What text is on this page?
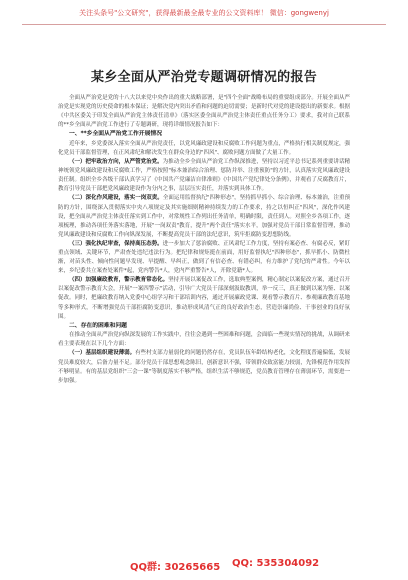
关注头条号"公文研究"，获得最新最全最专业的公文资料库！ 微信：gongwenyj
某乡全面从严治党专题调研情况的报告

全面从严治党是党的十八大以来党中央作出的重大战略部署，是"四个全面"战略布局的重要组成部分。开展全面从严治党是实现党的历史使命的根本保证；是解决党内突出矛盾和问题的迫切需要；是新时代对党的建设提出的新要求。根据《中共区委关于印发全面从严治党主体责任清单》（落实区委全面从严治党主体责任重点任务分工）要求，我对自己联系的**乡全面从严治党工作进行了专题调研，现将详细情况报告如下：

一、**乡全面从严治党工作开展情况

近年来，乡党委深入落实全面从严治党责任，以党风廉政建设和反腐败工作问题为重点，严格执行相关制度规定，强化党员干部监督管理，在正风肃纪和解决发生在群众身边的"四风"、腐败问题方面做了大量工作。

（一）把牢政治方向，从严管党治党。为推动全乡全面从严治党工作纵深推进，坚持以习近平总书记系列重要讲话精神统领党风廉政建设和反腐败工作，严格按照"标本兼治综合治理、惩防并举、注重预防"的方针，认真落实党风廉政建设责任制。组织全乡各级干部认真学习了《中国共产党廉洁自律准则》《中国共产党纪律处分条例》，并观看了反腐教育片，教育引导党员干部把党风廉政建设作为分内之事，层层压实责任，并落实到具体工作。

（二）深化作风建设，落实一岗双责。全面运用监督执纪"四种形态"，坚持抓早抓小、综合治理、标本兼治，注重预防的方针，围绕深入贯彻落实中央八项规定及其实施细则精神持续发力的工作要求，持之以恒纠正"四风"，深化作风建设，把全面从严治党主体责任落实到工作中，对常规性工作列出任务清单，明确时限，责任到人。对照全乡各项工作，逐项梳理，推动各项任务落实落地，开展"一岗双责"教育，提升"两个责任"落实水平，加强对党员干部日常监督管理，推动党风廉政建设和反腐败工作向纵深发展，不断提高党员干部的法纪意识，筑牢拒腐防变思想防线。

（三）强化执纪审查，保持高压态势。进一步加大了惩治腐败、正风肃纪工作力度，坚持有案必查、有腐必反，紧盯重点领域、关键环节，严肃查处违纪违法行为。把纪律和规矩挺在前面，用好监督执纪"四种形态"，抓早抓小、防微杜渐，对苗头性、倾向性问题早发现、早提醒、早纠正，做到了有信必查、有错必纠，有力维护了党纪的严肃性。今年以来，乡纪委共立案查处案件*起，党内警告*人，党内严重警告*人，开除党籍*人。

（四）加强廉政教育，警示教育常态化。坚持开展以案促改工作，选取典型案例，精心制定以案促改方案，通过召开以案促改警示教育大会，开展"一案四警示"活动，引导广大党员干部深刻汲取教训，举一反三，真正做到以案为鉴、以案促改。同时，把廉政教育纳入党委中心组学习和干部培训内容，通过开展廉政党课、观看警示教育片、参观廉政教育基地等多种形式，不断增强党员干部拒腐防变意识，推动形成风清气正的良好政治生态，营造崇廉尚俭、干事创业的良好氛围。

二、存在的困难和问题

在推动全面从严治党向纵深发展的工作实践中，往往会遇到一些困难和问题，会面临一些现实情况的挑战，从调研来看主要表现在以下几个方面：

（一）基层组织建设薄弱。有些村支部力量弱化的问题仍然存在，党员队伍年龄结构老化，文化程度普遍偏低，发展党员难度较大，后备力量不足。部分党员干部思想观念陈旧，创新意识不强，带领群众致富能力较弱，先锋模范作用发挥不够明显。有的基层党组织"三会一课"等制度落实不够严格，组织生活不够规范，党员教育管理存在薄弱环节，需要进一步加强。

QQ群: 30265665 QQ: 535304092
